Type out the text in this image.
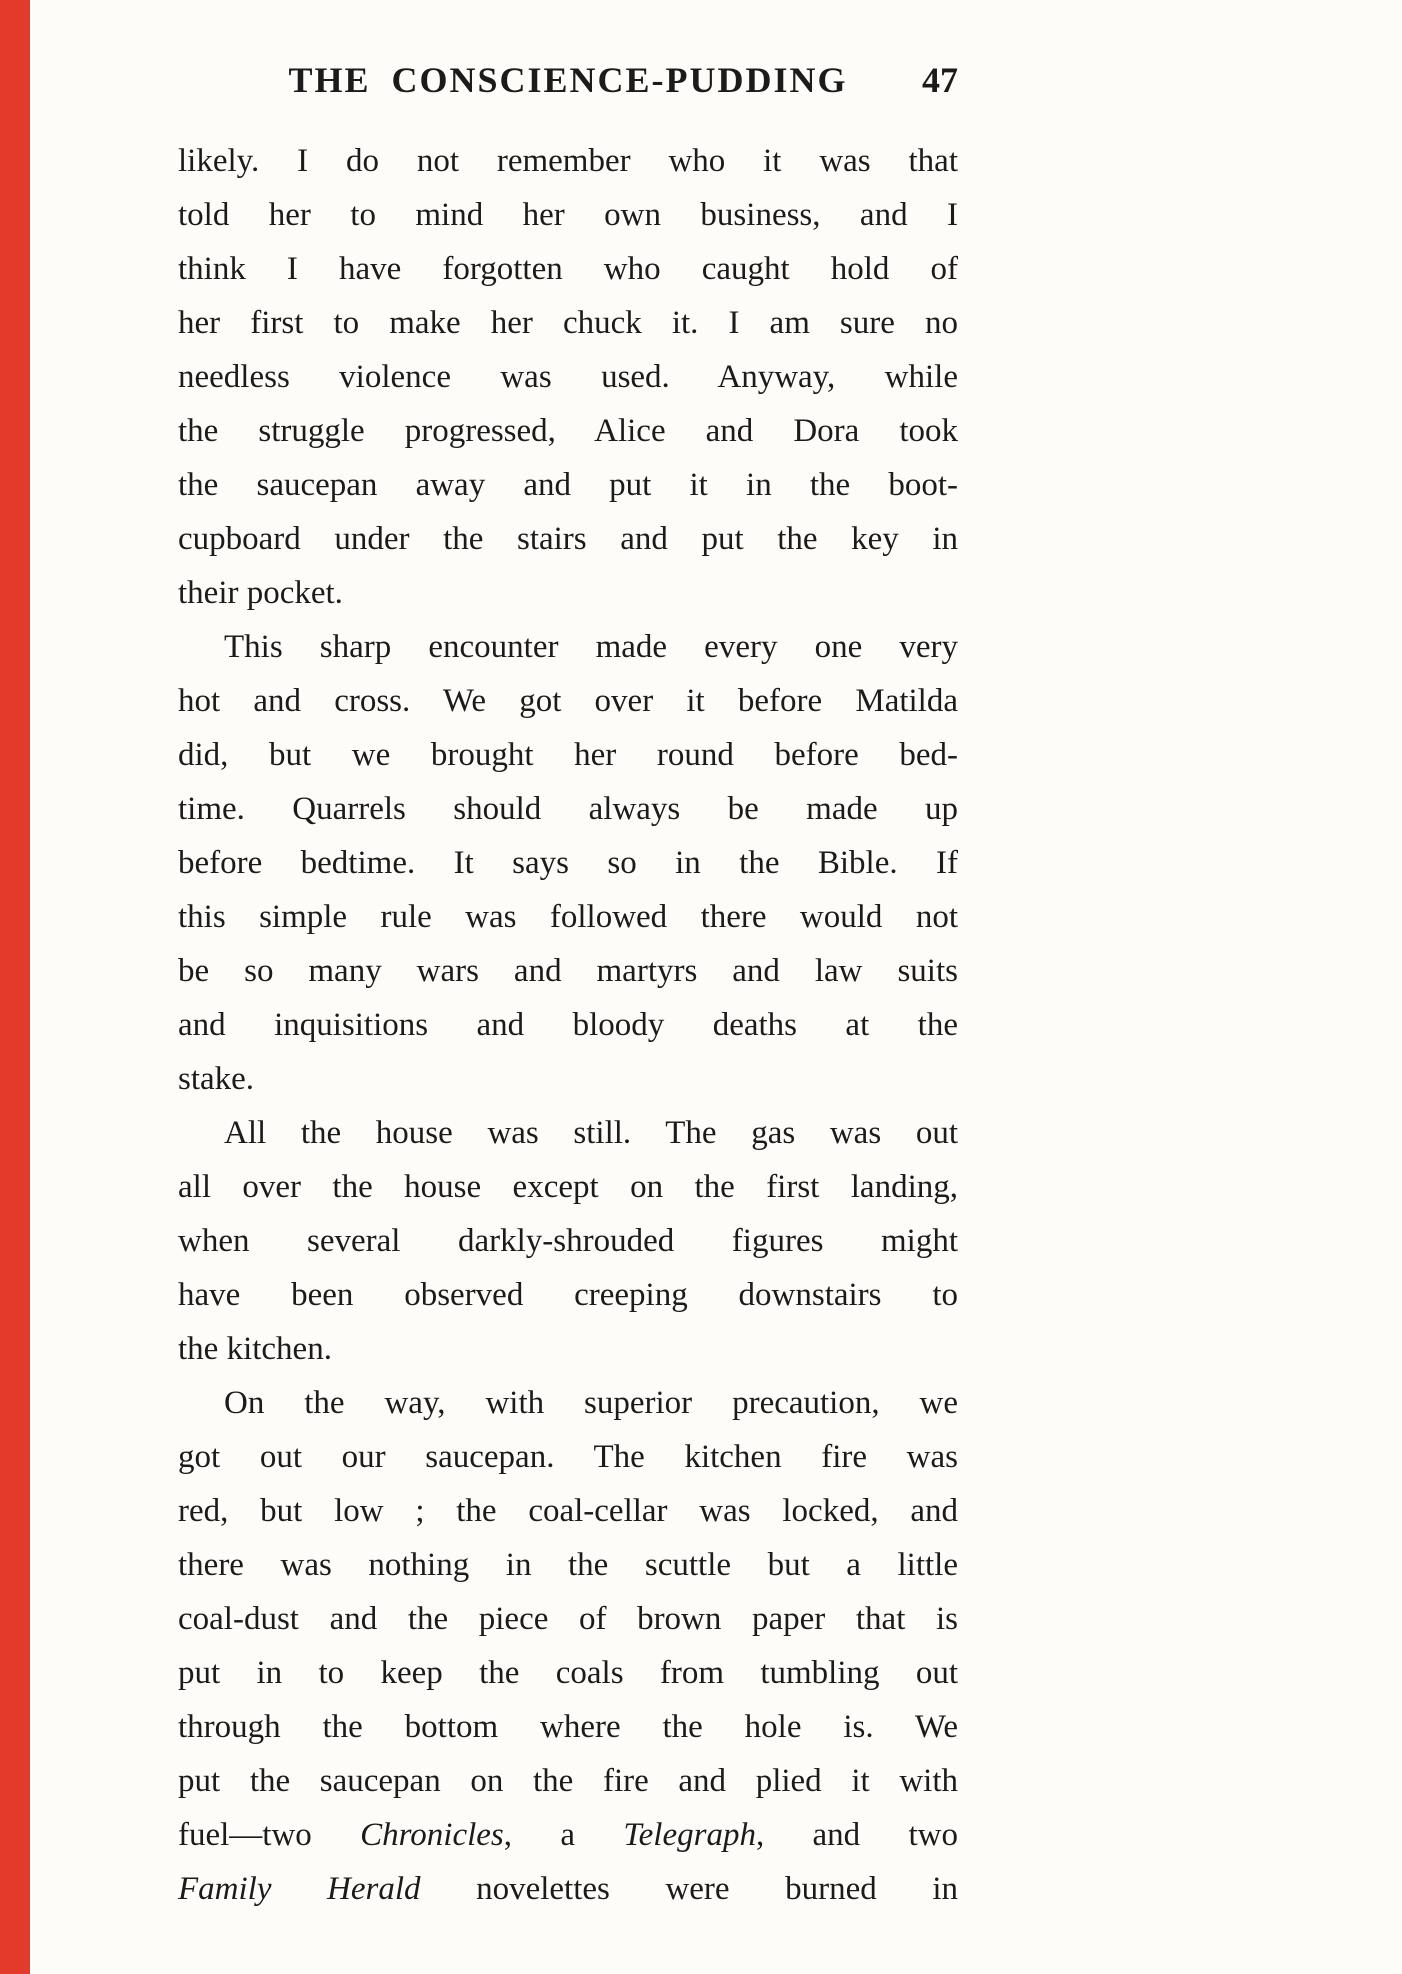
THE CONSCIENCE-PUDDING	47
likely. I do not remember who it was that
told her to mind her own business, and I
think I have forgotten who caught hold of
her first to make her chuck it. I am sure no
needless violence was used. Anyway, while
the struggle progressed, Alice and Dora took
the saucepan away and put it in the boot-
cupboard under the stairs and put the key in
their pocket.
This sharp encounter made every one very
hot and cross. We got over it before Matilda
did, but we brought her round before bed-
time. Quarrels should always be made up
before bedtime. It says so in the Bible. If
this simple rule was followed there would not
be so many wars and martyrs and law suits
and inquisitions and bloody deaths at the
stake.
All the house was still. The gas was out
all over the house except on the first landing,
when several darkly-shrouded figures might
have been observed creeping downstairs to
the kitchen.
On the way, with superior precaution, we
got out our saucepan. The kitchen fire was
red, but low ; the coal-cellar was locked, and
there was nothing in the scuttle but a little
coal-dust and the piece of brown paper that is
put in to keep the coals from tumbling out
through the bottom where the hole is. We
put the saucepan on the fire and plied it with
fuel—two Chronicles, a Telegraph, and two
Family Herald novelettes were burned in
